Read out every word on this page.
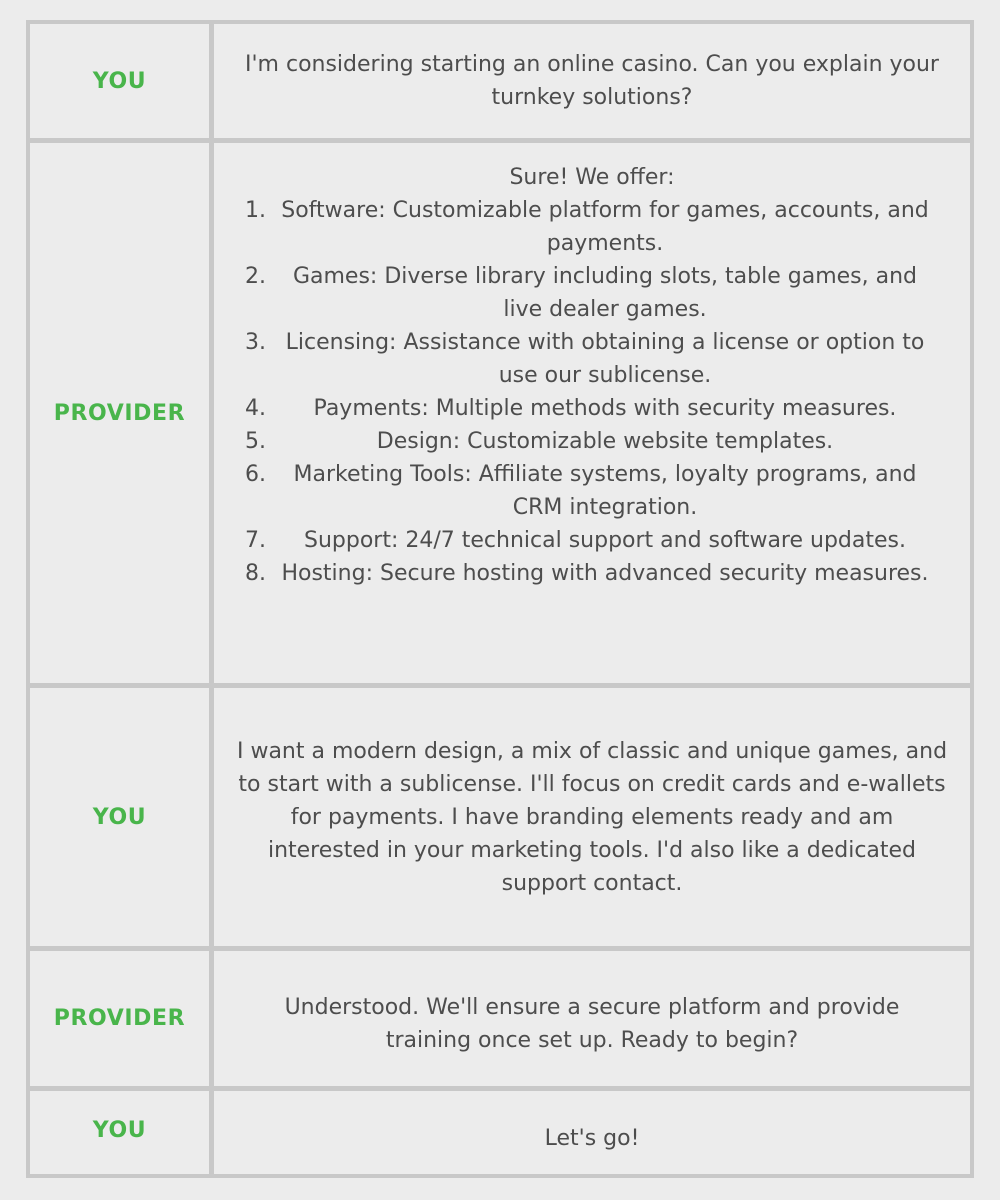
YOU

I'm considering starting an online casino. Can you explain your turnkey solutions?

PROVIDER

Sure! We offer:

1. Software: Customizable platform for games, accounts, and payments.
2.	Games: Diverse library including slots, table games, and live dealer games.
3. Licensing: Assistance with obtaining a license or option to use our sublicense.
4.	Payments: Multiple methods with security measures.
5.	Design: Customizable website templates.
6.	Marketing Tools: Affiliate systems, loyalty programs, and CRM integration.
7.	Support: 24/7 technical support and software updates.
8. Hosting: Secure hosting with advanced security measures.
YOU

I want a modern design, a mix of classic and unique games, and to start with a sublicense. I'll focus on credit cards and e-wallets for payments. I have branding elements ready and am interested in your marketing tools. I'd also like a dedicated support contact.

PROVIDER	Understood. We'll ensure a secure platform and provide training once set up. Ready to begin?

YOU	Let's go!
